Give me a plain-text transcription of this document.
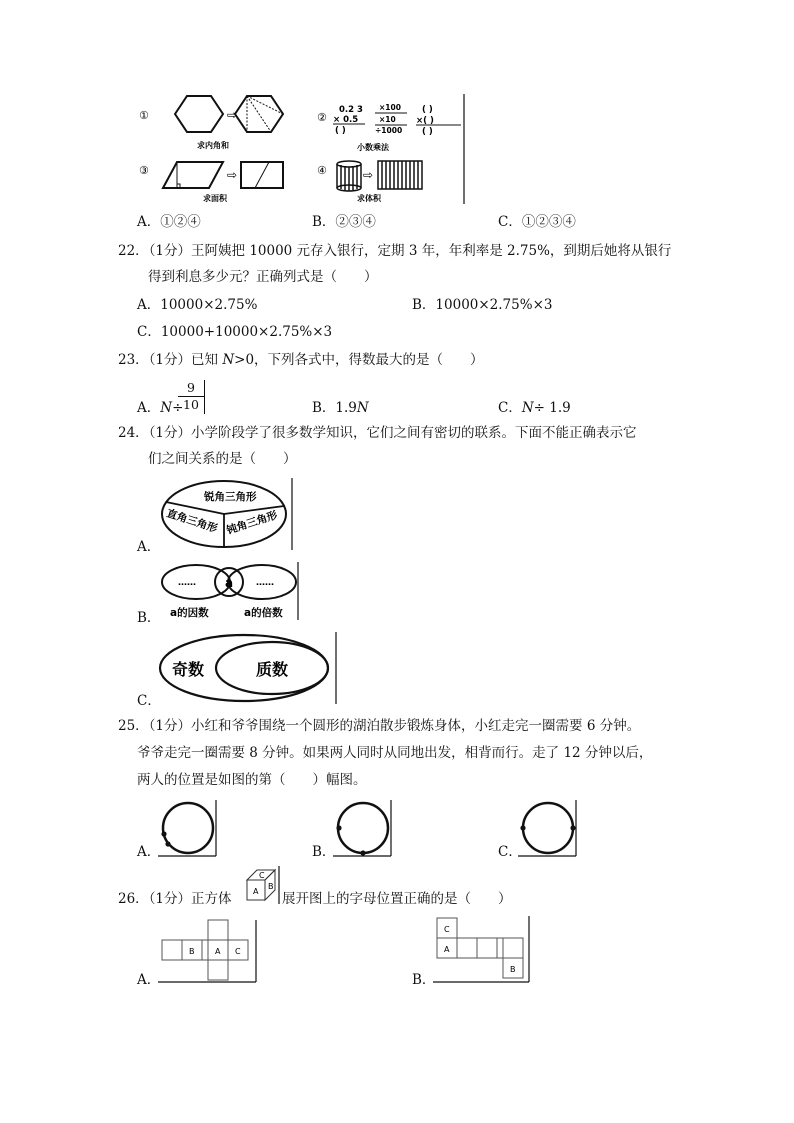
①	⇨
求内角和
②
0.2 3
× 0.5
( )
×100
×10
÷1000
( )
×( )
( )
小数乘法
③	⇨
求面积
④	⇨
求体积
A．①②④	B．②③④	C．①②③④
22．（1分）王阿姨把 10000 元存入银行，定期 3 年，年利率是 2.75%，到期后她将从银行
得到利息多少元？正确列式是（　　）
A．10000×2.75%	B．10000×2.75%×3
C．10000+10000×2.75%×3
23．（1分）已知 N>0，下列各式中，得数最大的是（　　）
A．N÷
9
10	B．1.9N	C．N÷ 1.9
24．（1分）小学阶段学了很多数学知识，它们之间有密切的联系。下面不能正确表示它
们之间关系的是（　　）
A．
锐角三角形
直角三角形 钝角三角形
B．
…… a	……
a的因数	a的倍数
C．
奇数	质数
25．（1分）小红和爷爷围绕一个圆形的湖泊散步锻炼身体，小红走完一圈需要 6 分钟。
爷爷走完一圈需要 8 分钟。如果两人同时从同地出发，相背而行。走了 12 分钟以后，
两人的位置是如图的第（　　）幅图。
A．	B．	C．
26．（1分）正方体
C
A
B
展开图上的字母位置正确的是（　　）
A．
B	A C
B．
C
A
B
